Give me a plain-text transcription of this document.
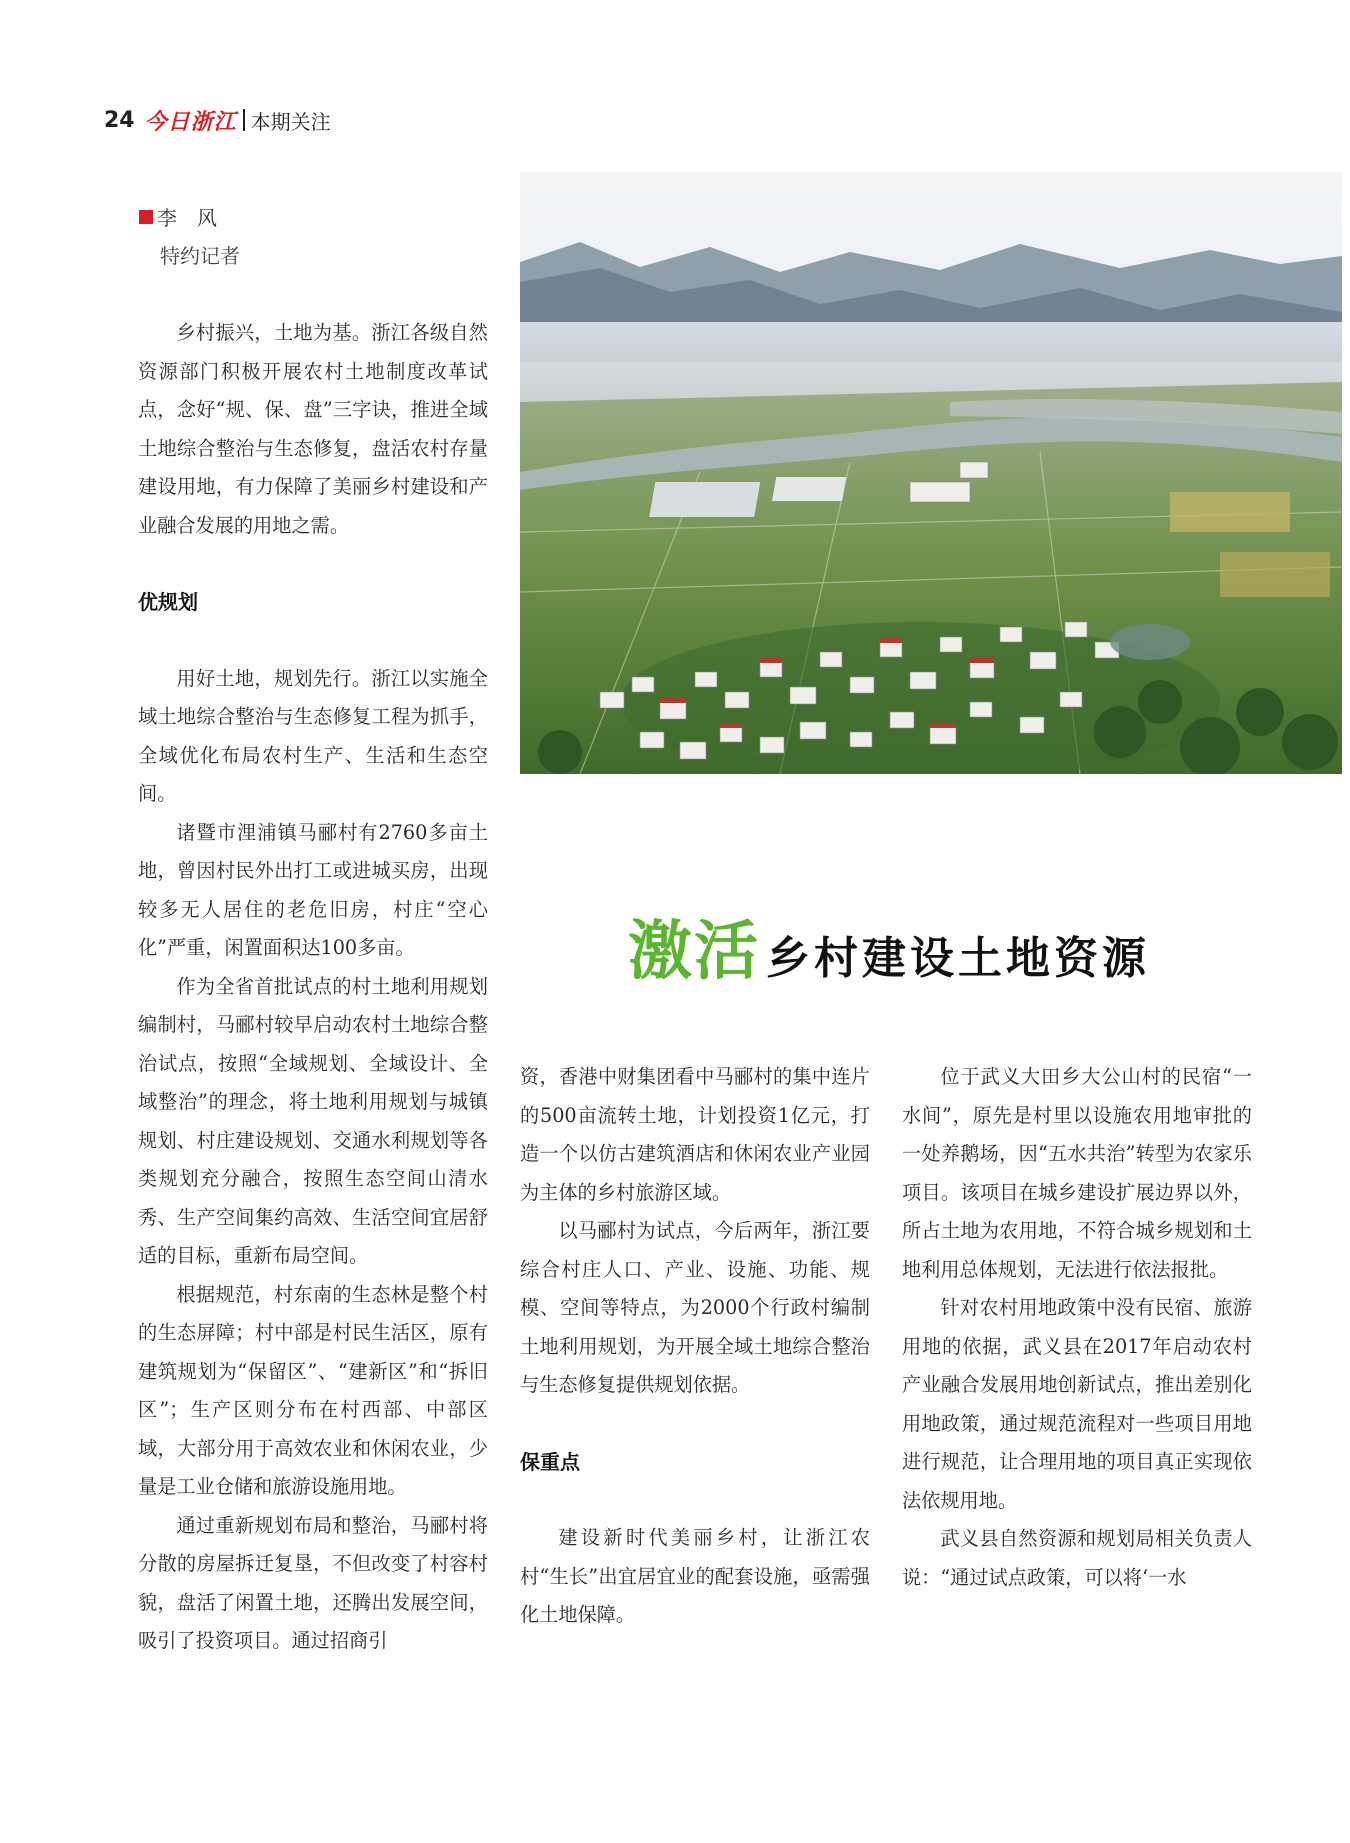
24 今日浙江 本期关注
李　风
特约记者
激活 乡村建设土地资源

乡村振兴，土地为基。浙江各级自然资源部门积极开展农村土地制度改革试点，念好“规、保、盘”三字诀，推进全域土地综合整治与生态修复，盘活农村存量建设用地，有力保障了美丽乡村建设和产业融合发展的用地之需。

优规划

用好土地，规划先行。浙江以实施全域土地综合整治与生态修复工程为抓手，全域优化布局农村生产、生活和生态空间。

诸暨市浬浦镇马郦村有2760多亩土地，曾因村民外出打工或进城买房，出现较多无人居住的老危旧房，村庄“空心化”严重，闲置面积达100多亩。

作为全省首批试点的村土地利用规划编制村，马郦村较早启动农村土地综合整治试点，按照“全域规划、全域设计、全域整治”的理念，将土地利用规划与城镇规划、村庄建设规划、交通水利规划等各类规划充分融合，按照生态空间山清水秀、生产空间集约高效、生活空间宜居舒适的目标，重新布局空间。

根据规范，村东南的生态林是整个村的生态屏障；村中部是村民生活区，原有建筑规划为“保留区”、“建新区”和“拆旧区”；生产区则分布在村西部、中部区域，大部分用于高效农业和休闲农业，少量是工业仓储和旅游设施用地。

通过重新规划布局和整治，马郦村将分散的房屋拆迁复垦，不但改变了村容村貌，盘活了闲置土地，还腾出发展空间，吸引了投资项目。通过招商引

资，香港中财集团看中马郦村的集中连片的500亩流转土地，计划投资1亿元，打造一个以仿古建筑酒店和休闲农业产业园为主体的乡村旅游区域。

以马郦村为试点，今后两年，浙江要综合村庄人口、产业、设施、功能、规模、空间等特点，为2000个行政村编制土地利用规划，为开展全域土地综合整治与生态修复提供规划依据。

保重点

建设新时代美丽乡村，让浙江农村“生长”出宜居宜业的配套设施，亟需强化土地保障。

位于武义大田乡大公山村的民宿“一水间”，原先是村里以设施农用地审批的一处养鹅场，因“五水共治”转型为农家乐项目。该项目在城乡建设扩展边界以外，所占土地为农用地，不符合城乡规划和土地利用总体规划，无法进行依法报批。

针对农村用地政策中没有民宿、旅游用地的依据，武义县在2017年启动农村产业融合发展用地创新试点，推出差别化用地政策，通过规范流程对一些项目用地进行规范，让合理用地的项目真正实现依法依规用地。

武义县自然资源和规划局相关负责人说：“通过试点政策，可以将‘一水
